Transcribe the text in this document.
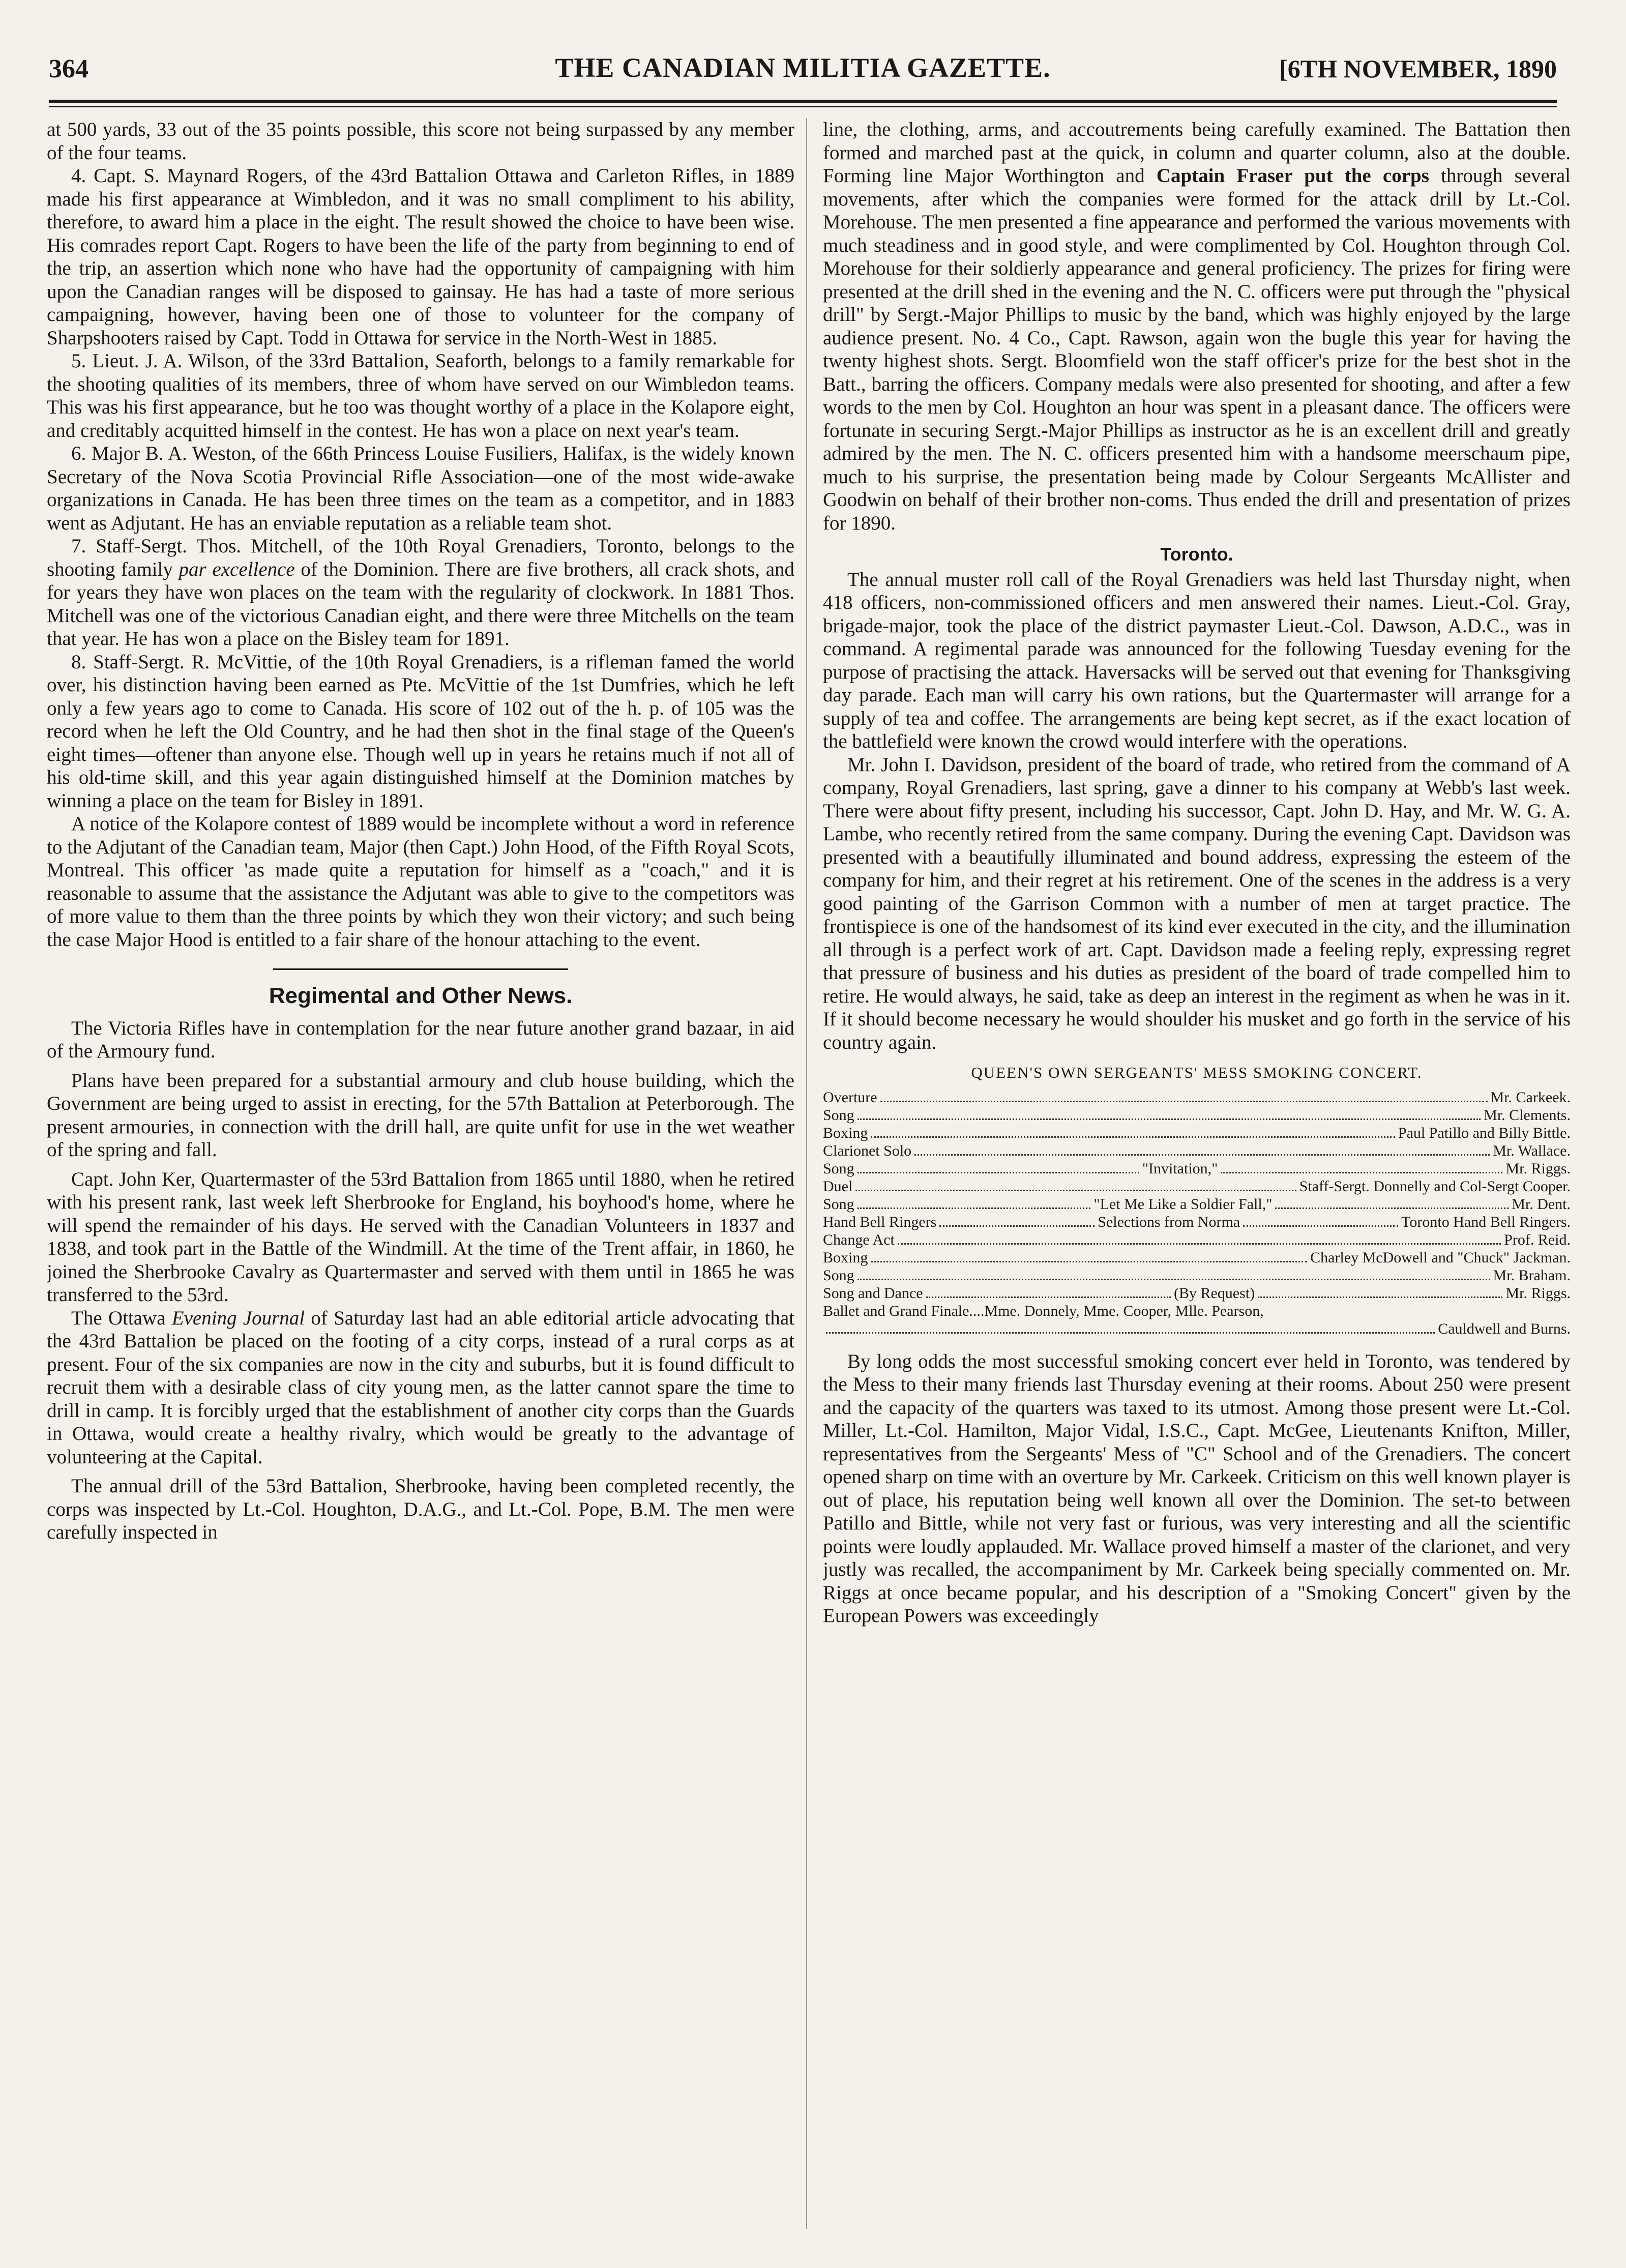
364	THE CANADIAN MILITIA GAZETTE.	[6TH NOVEMBER, 1890

at 500 yards, 33 out of the 35 points possible, this score not being surpassed by any member of the four teams.

4. Capt. S. Maynard Rogers, of the 43rd Battalion Ottawa and Carleton Rifles, in 1889 made his first appearance at Wimbledon, and it was no small compliment to his ability, therefore, to award him a place in the eight. The result showed the choice to have been wise. His comrades report Capt. Rogers to have been the life of the party from beginning to end of the trip, an assertion which none who have had the opportunity of campaigning with him upon the Canadian ranges will be disposed to gainsay. He has had a taste of more serious campaigning, however, having been one of those to volunteer for the company of Sharpshooters raised by Capt. Todd in Ottawa for service in the North-West in 1885.

5. Lieut. J. A. Wilson, of the 33rd Battalion, Seaforth, belongs to a family remarkable for the shooting qualities of its members, three of whom have served on our Wimbledon teams. This was his first appearance, but he too was thought worthy of a place in the Kolapore eight, and creditably acquitted himself in the contest. He has won a place on next year's team.

6. Major B. A. Weston, of the 66th Princess Louise Fusiliers, Halifax, is the widely known Secretary of the Nova Scotia Provincial Rifle Association—one of the most wide-awake organizations in Canada. He has been three times on the team as a competitor, and in 1883 went as Adjutant. He has an enviable reputation as a reliable team shot.

7. Staff-Sergt. Thos. Mitchell, of the 10th Royal Grenadiers, Toronto, belongs to the shooting family par excellence of the Dominion. There are five brothers, all crack shots, and for years they have won places on the team with the regularity of clockwork. In 1881 Thos. Mitchell was one of the victorious Canadian eight, and there were three Mitchells on the team that year. He has won a place on the Bisley team for 1891.

8. Staff-Sergt. R. McVittie, of the 10th Royal Grenadiers, is a rifleman famed the world over, his distinction having been earned as Pte. McVittie of the 1st Dumfries, which he left only a few years ago to come to Canada. His score of 102 out of the h. p. of 105 was the record when he left the Old Country, and he had then shot in the final stage of the Queen's eight times—oftener than anyone else. Though well up in years he retains much if not all of his old-time skill, and this year again distinguished himself at the Dominion matches by winning a place on the team for Bisley in 1891.

A notice of the Kolapore contest of 1889 would be incomplete without a word in reference to the Adjutant of the Canadian team, Major (then Capt.) John Hood, of the Fifth Royal Scots, Montreal. This officer 'as made quite a reputation for himself as a "coach," and it is reasonable to assume that the assistance the Adjutant was able to give to the competitors was of more value to them than the three points by which they won their victory; and such being the case Major Hood is entitled to a fair share of the honour attaching to the event.

Regimental and Other News.

The Victoria Rifles have in contemplation for the near future another grand bazaar, in aid of the Armoury fund.

Plans have been prepared for a substantial armoury and club house building, which the Government are being urged to assist in erecting, for the 57th Battalion at Peterborough. The present armouries, in connection with the drill hall, are quite unfit for use in the wet weather of the spring and fall.

Capt. John Ker, Quartermaster of the 53rd Battalion from 1865 until 1880, when he retired with his present rank, last week left Sherbrooke for England, his boyhood's home, where he will spend the remainder of his days. He served with the Canadian Volunteers in 1837 and 1838, and took part in the Battle of the Windmill. At the time of the Trent affair, in 1860, he joined the Sherbrooke Cavalry as Quartermaster and served with them until in 1865 he was transferred to the 53rd.

The Ottawa Evening Journal of Saturday last had an able editorial article advocating that the 43rd Battalion be placed on the footing of a city corps, instead of a rural corps as at present. Four of the six companies are now in the city and suburbs, but it is found difficult to recruit them with a desirable class of city young men, as the latter cannot spare the time to drill in camp. It is forcibly urged that the establishment of another city corps than the Guards in Ottawa, would create a healthy rivalry, which would be greatly to the advantage of volunteering at the Capital.

The annual drill of the 53rd Battalion, Sherbrooke, having been completed recently, the corps was inspected by Lt.-Col. Houghton, D.A.G., and Lt.-Col. Pope, B.M. The men were carefully inspected in

line, the clothing, arms, and accoutrements being carefully examined. The Battation then formed and marched past at the quick, in column and quarter column, also at the double. Forming line Major Worthington and Captain Fraser put the corps through several movements, after which the companies were formed for the attack drill by Lt.-Col. Morehouse. The men presented a fine appearance and performed the various movements with much steadiness and in good style, and were complimented by Col. Houghton through Col. Morehouse for their soldierly appearance and general proficiency. The prizes for firing were presented at the drill shed in the evening and the N. C. officers were put through the "physical drill" by Sergt.-Major Phillips to music by the band, which was highly enjoyed by the large audience present. No. 4 Co., Capt. Rawson, again won the bugle this year for having the twenty highest shots. Sergt. Bloomfield won the staff officer's prize for the best shot in the Batt., barring the officers. Company medals were also presented for shooting, and after a few words to the men by Col. Houghton an hour was spent in a pleasant dance. The officers were fortunate in securing Sergt.-Major Phillips as instructor as he is an excellent drill and greatly admired by the men. The N. C. officers presented him with a handsome meerschaum pipe, much to his surprise, the presentation being made by Colour Sergeants McAllister and Goodwin on behalf of their brother non-coms. Thus ended the drill and presentation of prizes for 1890.

Toronto.

The annual muster roll call of the Royal Grenadiers was held last Thursday night, when 418 officers, non-commissioned officers and men answered their names. Lieut.-Col. Gray, brigade-major, took the place of the district paymaster Lieut.-Col. Dawson, A.D.C., was in command. A regimental parade was announced for the following Tuesday evening for the purpose of practising the attack. Haversacks will be served out that evening for Thanksgiving day parade. Each man will carry his own rations, but the Quartermaster will arrange for a supply of tea and coffee. The arrangements are being kept secret, as if the exact location of the battlefield were known the crowd would interfere with the operations.

Mr. John I. Davidson, president of the board of trade, who retired from the command of A company, Royal Grenadiers, last spring, gave a dinner to his company at Webb's last week. There were about fifty present, including his successor, Capt. John D. Hay, and Mr. W. G. A. Lambe, who recently retired from the same company. During the evening Capt. Davidson was presented with a beautifully illuminated and bound address, expressing the esteem of the company for him, and their regret at his retirement. One of the scenes in the address is a very good painting of the Garrison Common with a number of men at target practice. The frontispiece is one of the handsomest of its kind ever executed in the city, and the illumination all through is a perfect work of art. Capt. Davidson made a feeling reply, expressing regret that pressure of business and his duties as president of the board of trade compelled him to retire. He would always, he said, take as deep an interest in the regiment as when he was in it. If it should become necessary he would shoulder his musket and go forth in the service of his country again.

QUEEN'S OWN SERGEANTS' MESS SMOKING CONCERT.
Overture	Mr. Carkeek.
Song	Mr. Clements.
Boxing	Paul Patillo and Billy Bittle.
Clarionet Solo	Mr. Wallace.
Song	"Invitation,"	Mr. Riggs.
Duel	Staff-Sergt. Donnelly and Col-Sergt Cooper.
Song	"Let Me Like a Soldier Fall,"	Mr. Dent.
Hand Bell Ringers	Selections from Norma	Toronto Hand Bell Ringers.
Change Act	Prof. Reid.
Boxing	Charley McDowell and "Chuck" Jackman.
Song	Mr. Braham.
Song and Dance	(By Request)	Mr. Riggs.
Ballet and Grand Finale....Mme. Donnely, Mme. Cooper, Mlle. Pearson,
Cauldwell and Burns.

By long odds the most successful smoking concert ever held in Toronto, was tendered by the Mess to their many friends last Thursday evening at their rooms. About 250 were present and the capacity of the quarters was taxed to its utmost. Among those present were Lt.-Col. Miller, Lt.-Col. Hamilton, Major Vidal, I.S.C., Capt. McGee, Lieutenants Knifton, Miller, representatives from the Sergeants' Mess of "C" School and of the Grenadiers. The concert opened sharp on time with an overture by Mr. Carkeek. Criticism on this well known player is out of place, his reputation being well known all over the Dominion. The set-to between Patillo and Bittle, while not very fast or furious, was very interesting and all the scientific points were loudly applauded. Mr. Wallace proved himself a master of the clarionet, and very justly was recalled, the accompaniment by Mr. Carkeek being specially commented on. Mr. Riggs at once became popular, and his description of a "Smoking Concert" given by the European Powers was exceedingly
